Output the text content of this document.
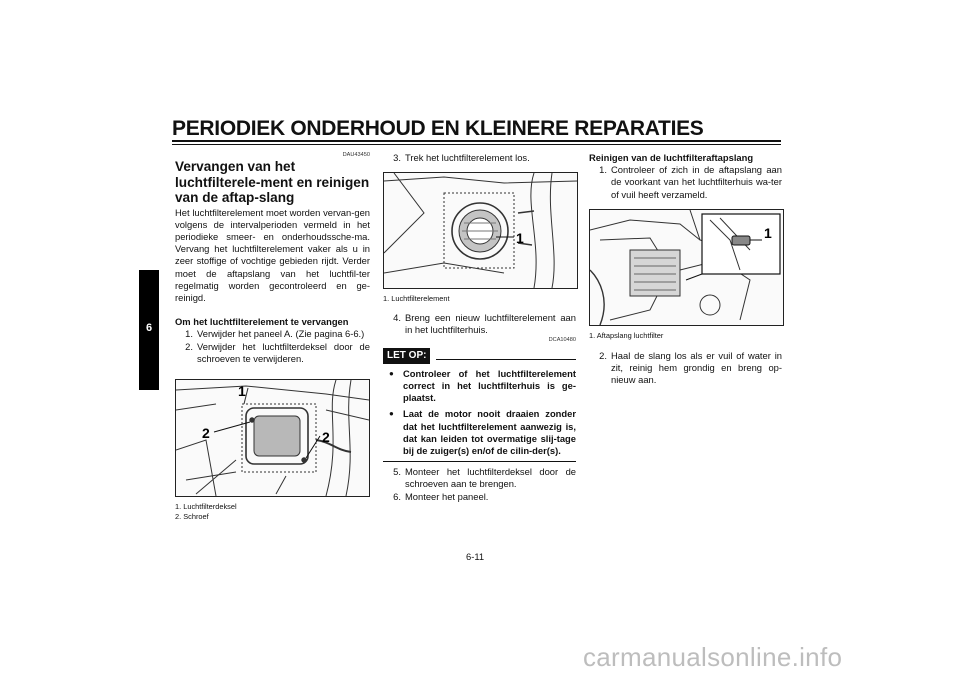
PERIODIEK ONDERHOUD EN KLEINERE REPARATIES
6
DAU43450
Vervangen van het luchtfilterele-ment en reinigen van de aftap-slang

Het luchtfilterelement moet worden vervan-gen volgens de intervalperioden vermeld in het periodieke smeer- en onderhoudssche-ma. Vervang het luchtfilterelement vaker als u in zeer stoffige of vochtige gebieden rijdt. Verder moet de aftapslang van het luchtfil-ter regelmatig worden gecontroleerd en ge-reinigd.

Om het luchtfilterelement te vervangen
1. Verwijder het paneel A. (Zie pagina 6-6.)
2. Verwijder het luchtfilterdeksel door de schroeven te verwijderen.
1
2	2
1. Luchtfilterdeksel
2. Schroef
3. Trek het luchtfilterelement los.
1
1. Luchtfilterelement
4. Breng een nieuw luchtfilterelement aan in het luchtfilterhuis.
DCA10480
LET OP:
● Controleer of het luchtfilterelement correct in het luchtfilterhuis is ge-plaatst.
● Laat de motor nooit draaien zonder dat het luchtfilterelement aanwezig is, dat kan leiden tot overmatige slij-tage bij de zuiger(s) en/of de cilin-der(s).
5. Monteer het luchtfilterdeksel door de schroeven aan te brengen.
6. Monteer het paneel.
Reinigen van de luchtfilteraftapslang
1. Controleer of zich in de aftapslang aan de voorkant van het luchtfilterhuis wa-ter of vuil heeft verzameld.
1
1. Aftapslang luchtfilter
2. Haal de slang los als er vuil of water in zit, reinig hem grondig en breng op-nieuw aan.
6-11
carmanualsonline.info
